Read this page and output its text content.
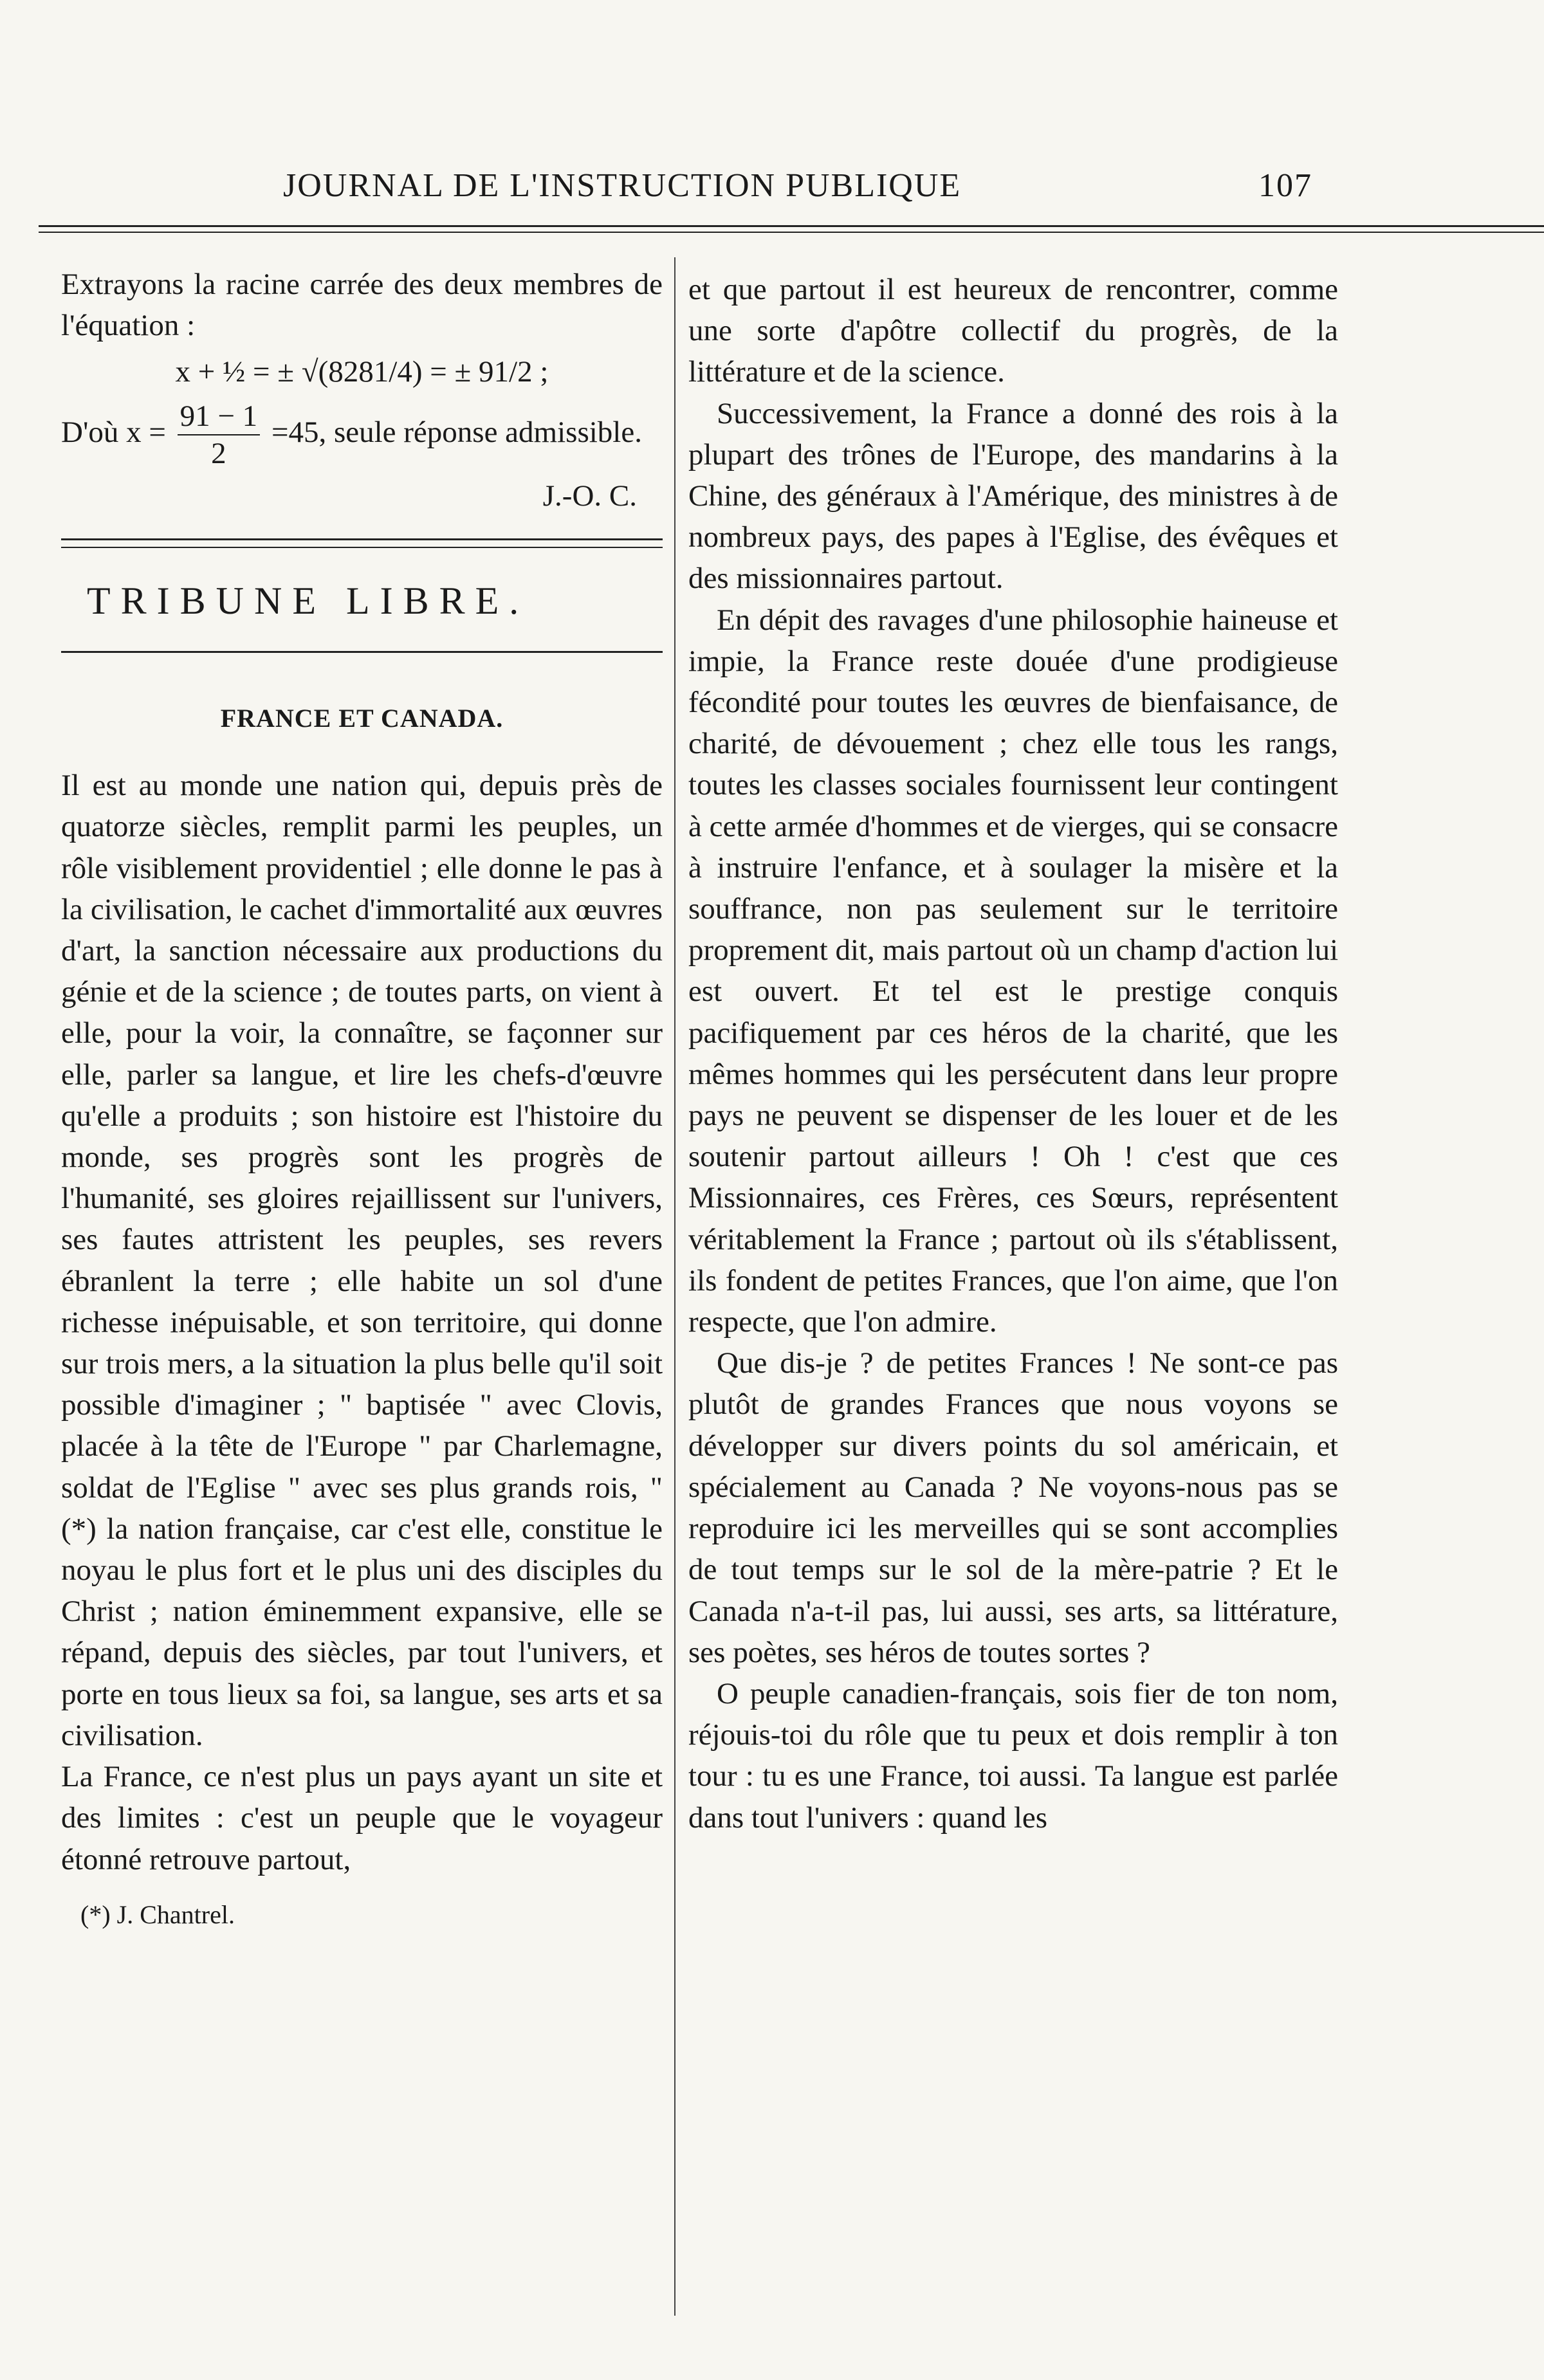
JOURNAL DE L'INSTRUCTION PUBLIQUE	107

Extrayons la racine carrée des deux membres de l'équation :

x + ½ = ± √(8281/4) = ± 91/2 ;

D'où $x = \frac{91 - 1}{2} =45$, seule réponse admissible.

J.-O. C.
TRIBUNE LIBRE.
FRANCE ET CANADA.

Il est au monde une nation qui, depuis près de quatorze siècles, remplit parmi les peuples, un rôle visiblement providentiel ; elle donne le pas à la civilisation, le cachet d'immortalité aux œuvres d'art, la sanction nécessaire aux productions du génie et de la science ; de toutes parts, on vient à elle, pour la voir, la connaître, se façonner sur elle, parler sa langue, et lire les chefs-d'œuvre qu'elle a produits ; son histoire est l'histoire du monde, ses progrès sont les progrès de l'humanité, ses gloires rejaillissent sur l'univers, ses fautes attristent les peuples, ses revers ébranlent la terre ; elle habite un sol d'une richesse inépuisable, et son territoire, qui donne sur trois mers, a la situation la plus belle qu'il soit possible d'imaginer ; " baptisée " avec Clovis, placée à la tête de l'Europe " par Charlemagne, soldat de l'Eglise " avec ses plus grands rois, " (*) la nation française, car c'est elle, constitue le noyau le plus fort et le plus uni des disciples du Christ ; nation éminemment expansive, elle se répand, depuis des siècles, par tout l'univers, et porte en tous lieux sa foi, sa langue, ses arts et sa civilisation.

La France, ce n'est plus un pays ayant un site et des limites : c'est un peuple que le voyageur étonné retrouve partout,

(*) J. Chantrel.

et que partout il est heureux de rencontrer, comme une sorte d'apôtre collectif du progrès, de la littérature et de la science.

Successivement, la France a donné des rois à la plupart des trônes de l'Europe, des mandarins à la Chine, des généraux à l'Amérique, des ministres à de nombreux pays, des papes à l'Eglise, des évêques et des missionnaires partout.

En dépit des ravages d'une philosophie haineuse et impie, la France reste douée d'une prodigieuse fécondité pour toutes les œuvres de bienfaisance, de charité, de dévouement ; chez elle tous les rangs, toutes les classes sociales fournissent leur contingent à cette armée d'hommes et de vierges, qui se consacre à instruire l'enfance, et à soulager la misère et la souffrance, non pas seulement sur le territoire proprement dit, mais partout où un champ d'action lui est ouvert. Et tel est le prestige conquis pacifiquement par ces héros de la charité, que les mêmes hommes qui les persécutent dans leur propre pays ne peuvent se dispenser de les louer et de les soutenir partout ailleurs ! Oh ! c'est que ces Missionnaires, ces Frères, ces Sœurs, représentent véritablement la France ; partout où ils s'établissent, ils fondent de petites Frances, que l'on aime, que l'on respecte, que l'on admire.

Que dis-je ? de petites Frances ! Ne sont-ce pas plutôt de grandes Frances que nous voyons se développer sur divers points du sol américain, et spécialement au Canada ? Ne voyons-nous pas se reproduire ici les merveilles qui se sont accomplies de tout temps sur le sol de la mère-patrie ? Et le Canada n'a-t-il pas, lui aussi, ses arts, sa littérature, ses poètes, ses héros de toutes sortes ?

O peuple canadien-français, sois fier de ton nom, réjouis-toi du rôle que tu peux et dois remplir à ton tour : tu es une France, toi aussi. Ta langue est parlée dans tout l'univers : quand les
